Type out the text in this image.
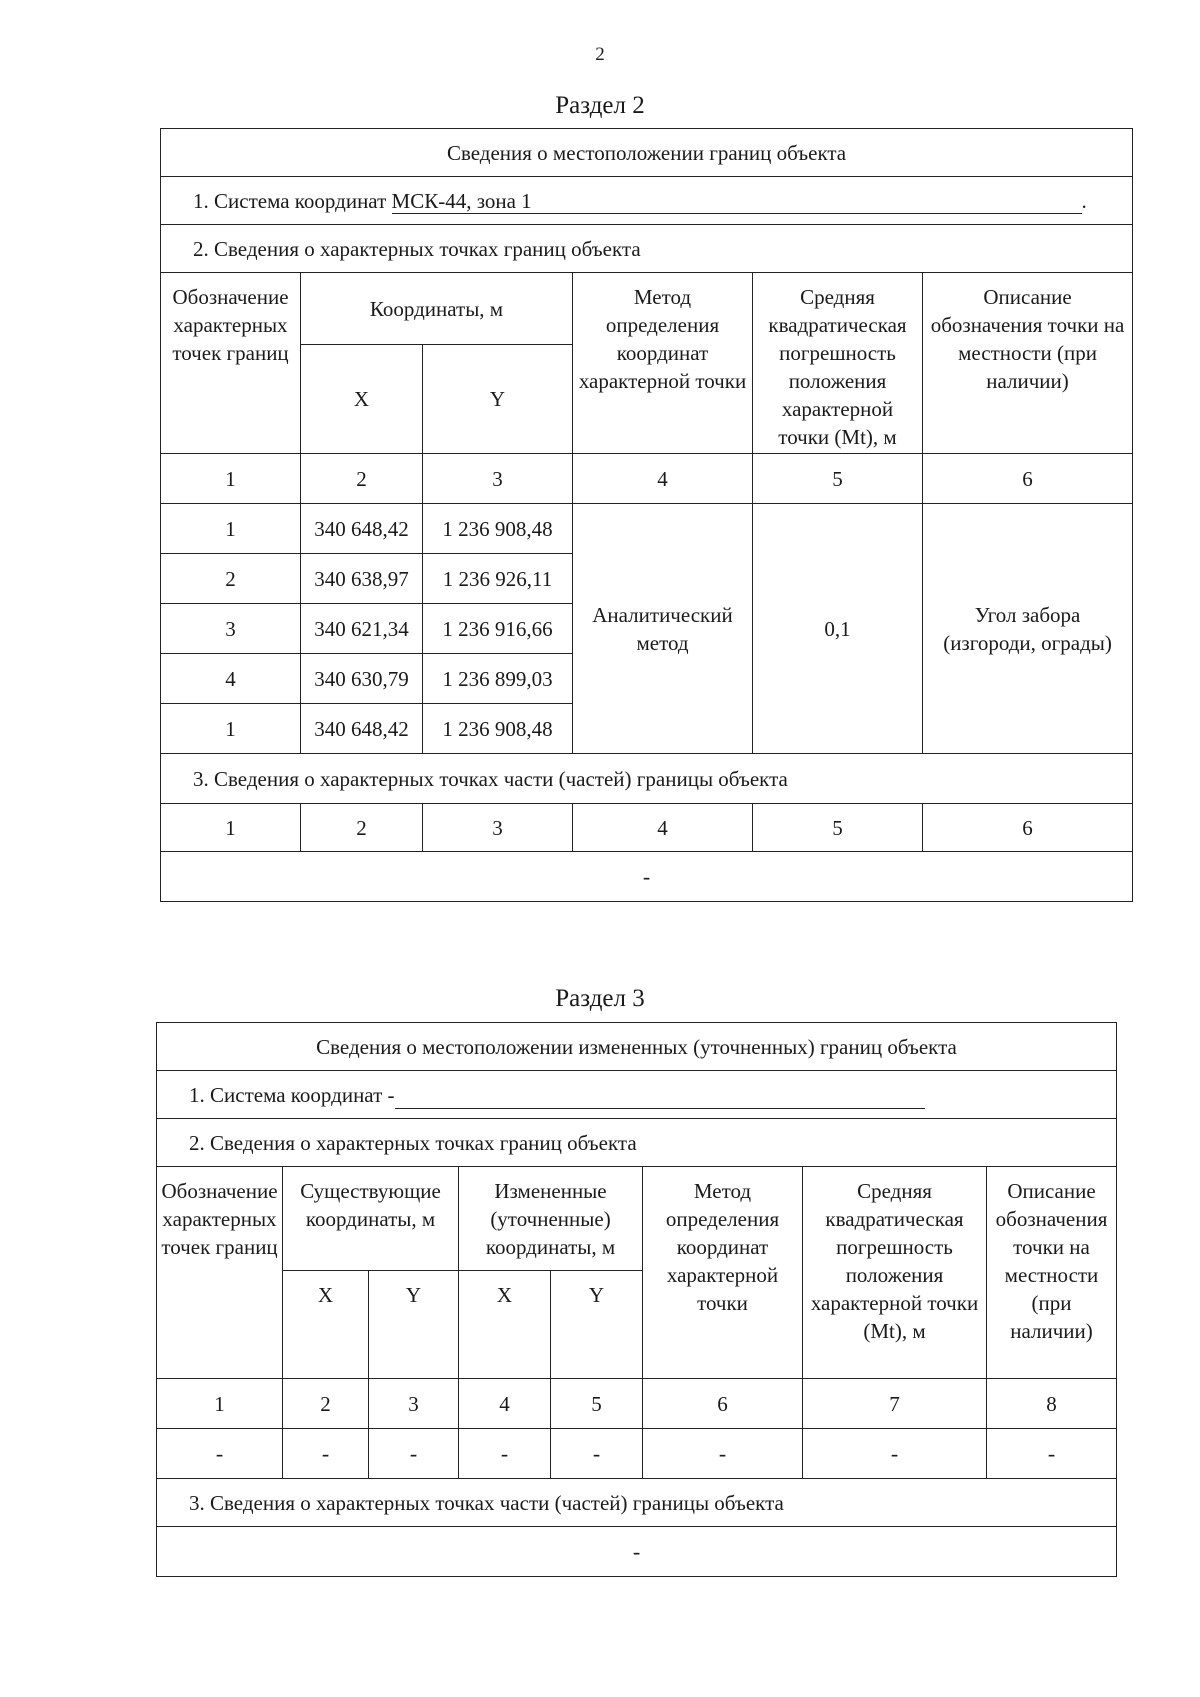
2
Раздел 2
Сведения о местоположении границ объекта					
1. Система координат МСК-44, зона 1 .					
2. Сведения о характерных точках границ объекта					
Обозначение характерных точек границ	Координаты, м		Метод определения координат характерной точки	Средняя квадратическая погрешность положения характерной точки (Mt), м	Описание обозначения точки на местности (при наличии)
	X	Y			
1	2	3	4	5	6
1	340 648,42	1 236 908,48	Аналитический метод	0,1	Угол забора (изгороди, ограды)
2	340 638,97	1 236 926,11			
3	340 621,34	1 236 916,66			
4	340 630,79	1 236 899,03			
1	340 648,42	1 236 908,48			
3. Сведения о характерных точках части (частей) границы объекта					
1	2	3	4	5	6
-					
Раздел 3
Сведения о местоположении измененных (уточненных) границ объекта							
1. Система координат -							
2. Сведения о характерных точках границ объекта							
Обозначение характерных точек границ	Существующие координаты, м		Измененные (уточненные) координаты, м		Метод определения координат характерной точки	Средняя квадратическая погрешность положения характерной точки (Mt), м	Описание обозначения точки на местности (при наличии)
	X	Y	X	Y			
1	2	3	4	5	6	7	8
-	-	-	-	-	-	-	-
3. Сведения о характерных точках части (частей) границы объекта							
-							
